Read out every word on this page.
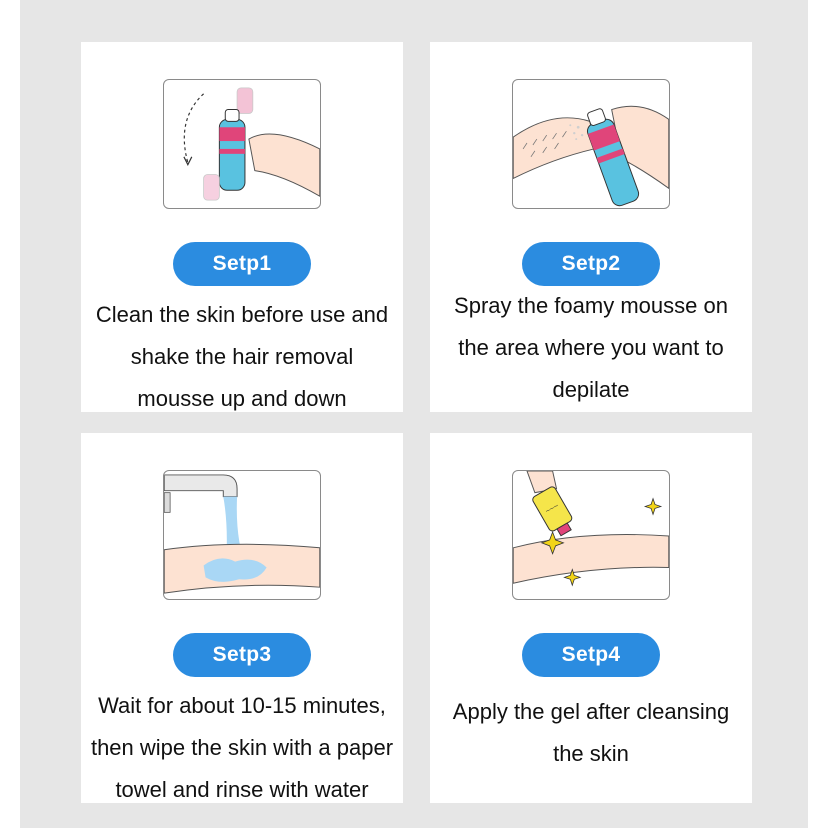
Setp1
Clean the skin before use and
shake the hair removal
mousse up and down
Setp2
Spray the foamy mousse on
the area where you want to
depilate
Setp3
Wait for about 10-15 minutes,
then wipe the skin with a paper
towel and rinse with water
~~~
Setp4
Apply the gel after cleansing
the skin
